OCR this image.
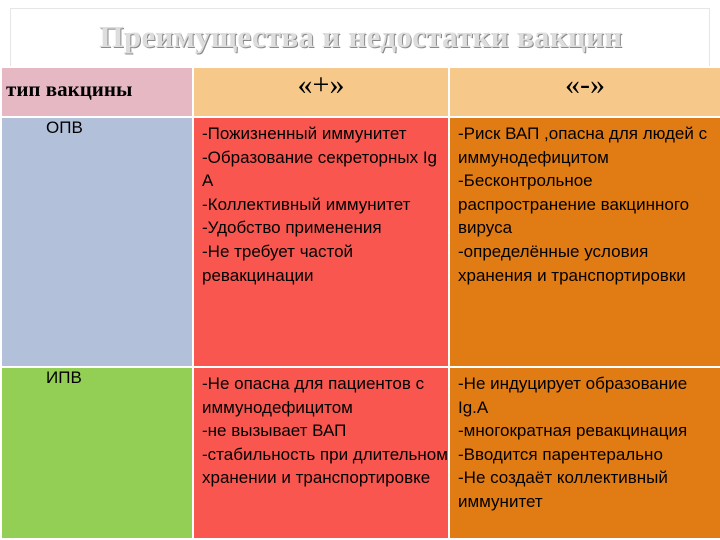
Преимущества и недостатки вакцин
тип вакцины	«+»	«-»

ОПВ	-Пожизненный иммунитет
-Образование секреторных Ig A
-Коллективный иммунитет
-Удобство применения
-Не требует частой ревакцинации	-Риск ВАП ,опасна для людей с иммунодефицитом
-Бесконтрольное распространение вакцинного вируса
-определённые условия хранения и транспортировки

ИПВ	-Не опасна для пациентов с иммунодефицитом
-не вызывает ВАП
-стабильность при длительном хранении и транспортировке	-Не индуцирует образование Ig.A
-многократная ревакцинация
-Вводится парентерально
-Не создаёт коллективный иммунитет
